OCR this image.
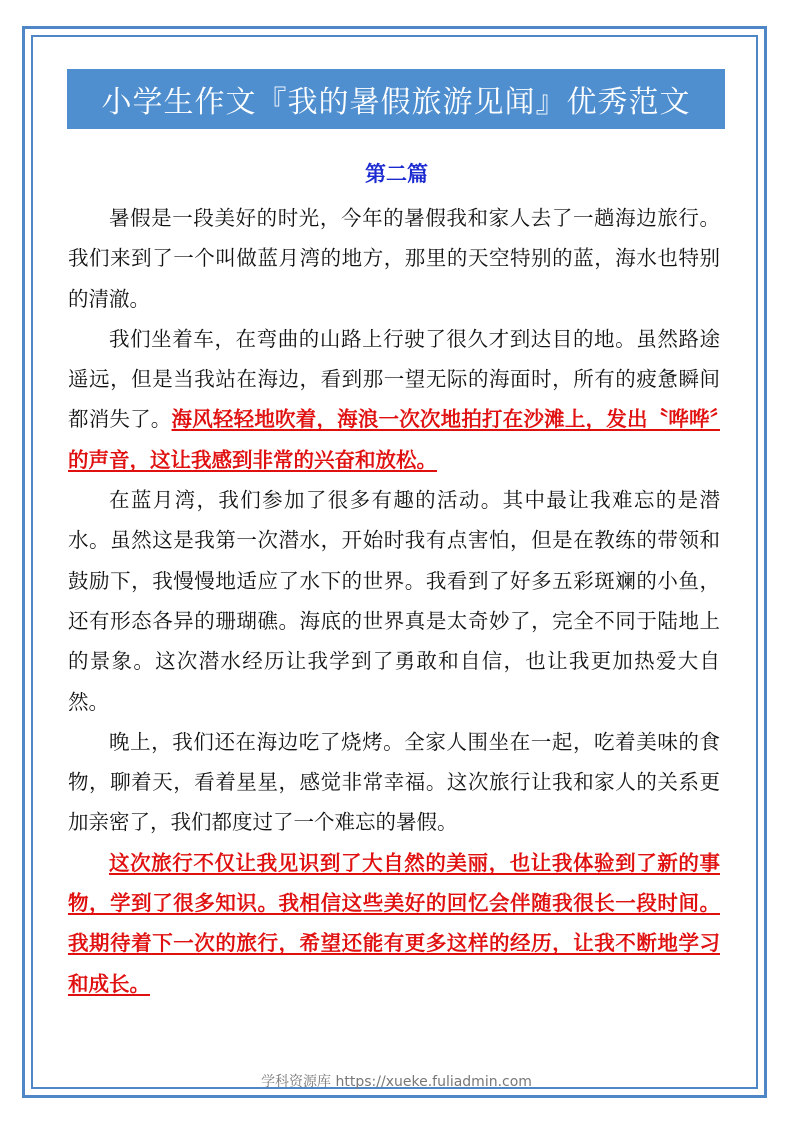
小学生作文『我的暑假旅游见闻』优秀范文
第二篇

暑假是一段美好的时光，今年的暑假我和家人去了一趟海边旅行。我们来到了一个叫做蓝月湾的地方，那里的天空特别的蓝，海水也特别的清澈。

我们坐着车，在弯曲的山路上行驶了很久才到达目的地。虽然路途遥远，但是当我站在海边，看到那一望无际的海面时，所有的疲惫瞬间都消失了。海风轻轻地吹着，海浪一次次地拍打在沙滩上，发出〝哗哗〞的声音，这让我感到非常的兴奋和放松。

在蓝月湾，我们参加了很多有趣的活动。其中最让我难忘的是潜水。虽然这是我第一次潜水，开始时我有点害怕，但是在教练的带领和鼓励下，我慢慢地适应了水下的世界。我看到了好多五彩斑斓的小鱼，还有形态各异的珊瑚礁。海底的世界真是太奇妙了，完全不同于陆地上的景象。这次潜水经历让我学到了勇敢和自信，也让我更加热爱大自然。

晚上，我们还在海边吃了烧烤。全家人围坐在一起，吃着美味的食物，聊着天，看着星星，感觉非常幸福。这次旅行让我和家人的关系更加亲密了，我们都度过了一个难忘的暑假。

这次旅行不仅让我见识到了大自然的美丽，也让我体验到了新的事物，学到了很多知识。我相信这些美好的回忆会伴随我很长一段时间。我期待着下一次的旅行，希望还能有更多这样的经历，让我不断地学习和成长。

学科资源库 https://xueke.fuliadmin.com
